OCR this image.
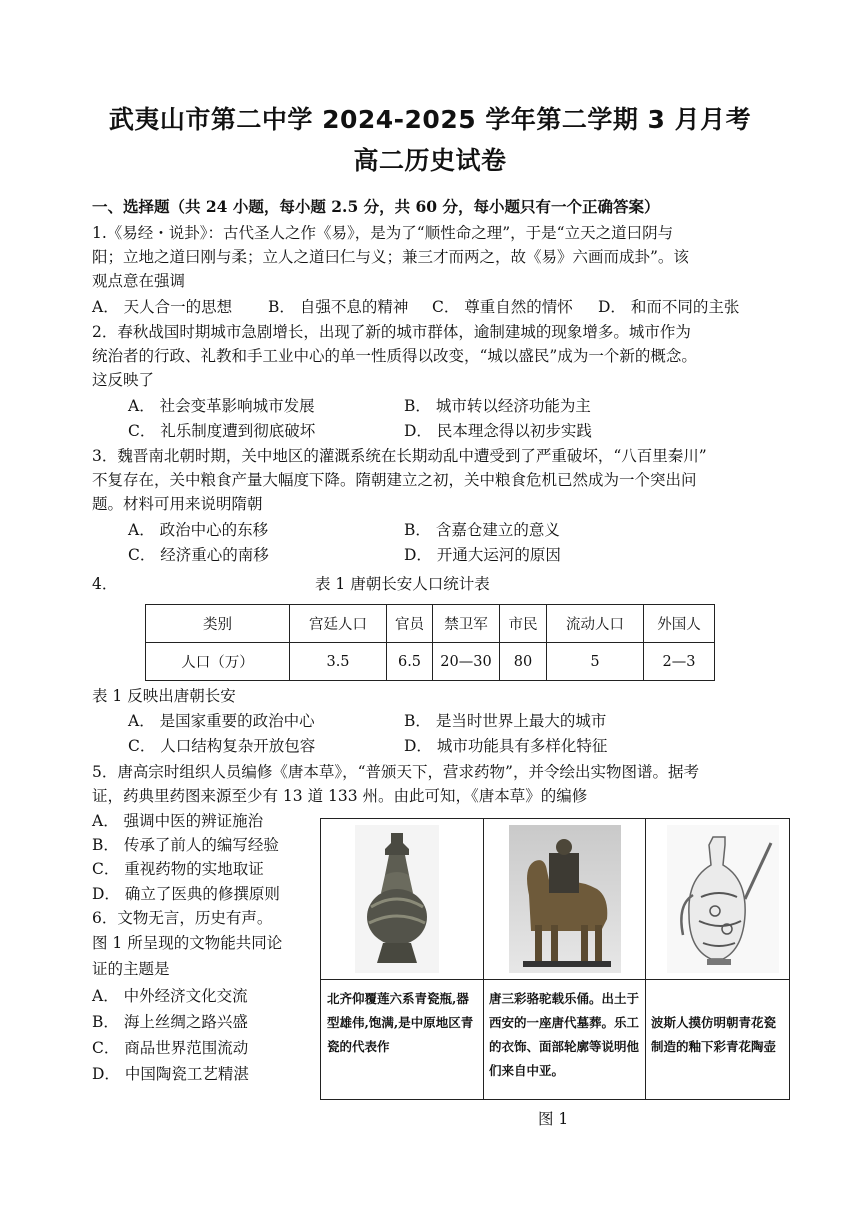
武夷山市第二中学 2024-2025 学年第二学期 3 月月考
高二历史试卷
一、选择题（共 24 小题，每小题 2.5 分，共 60 分，每小题只有一个正确答案）
1.《易经・说卦》：古代圣人之作《易》，是为了“顺性命之理”，于是“立天之道曰阴与
阳；立地之道曰刚与柔；立人之道曰仁与义；兼三才而两之，故《易》六画而成卦”。该
观点意在强调
A． 天人合一的思想 B． 自强不息的精神 C． 尊重自然的情怀 D． 和而不同的主张
2．春秋战国时期城市急剧增长，出现了新的城市群体，逾制建城的现象增多。城市作为
统治者的行政、礼教和手工业中心的单一性质得以改变，“城以盛民”成为一个新的概念。
这反映了
A． 社会变革影响城市发展	B． 城市转以经济功能为主
C． 礼乐制度遭到彻底破坏	D． 民本理念得以初步实践
3．魏晋南北朝时期，关中地区的灌溉系统在长期动乱中遭受到了严重破坏，“八百里秦川”
不复存在，关中粮食产量大幅度下降。隋朝建立之初，关中粮食危机已然成为一个突出问
题。材料可用来说明隋朝
A． 政治中心的东移	B． 含嘉仓建立的意义
C． 经济重心的南移	D． 开通大运河的原因
4．	表 1 唐朝长安人口统计表
类别	宫廷人口	官员	禁卫军	市民	流动人口	外国人
人口（万）	3.5	6.5	20—30	80	5	2—3
表 1 反映出唐朝长安
A． 是国家重要的政治中心	B． 是当时世界上最大的城市
C． 人口结构复杂开放包容	D． 城市功能具有多样化特征
5．唐高宗时组织人员编修《唐本草》，“普颁天下，营求药物”，并令绘出实物图谱。据考
证，药典里药图来源至少有 13 道 133 州。由此可知，《唐本草》的编修
A． 强调中医的辨证施治
B． 传承了前人的编写经验
C． 重视药物的实地取证
D． 确立了医典的修撰原则
6．文物无言，历史有声。
图 1 所呈现的文物能共同论
证的主题是
A． 中外经济文化交流
B． 海上丝绸之路兴盛
C． 商品世界范围流动
D． 中国陶瓷工艺精湛
北齐仰覆莲六系青瓷瓶,器型雄伟,饱满,是中原地区青瓷的代表作
唐三彩骆驼载乐俑。出土于西安的一座唐代墓葬。乐工的衣饰、面部轮廓等说明他们来自中亚。
波斯人摸仿明朝青花瓷制造的釉下彩青花陶壶
图 1
